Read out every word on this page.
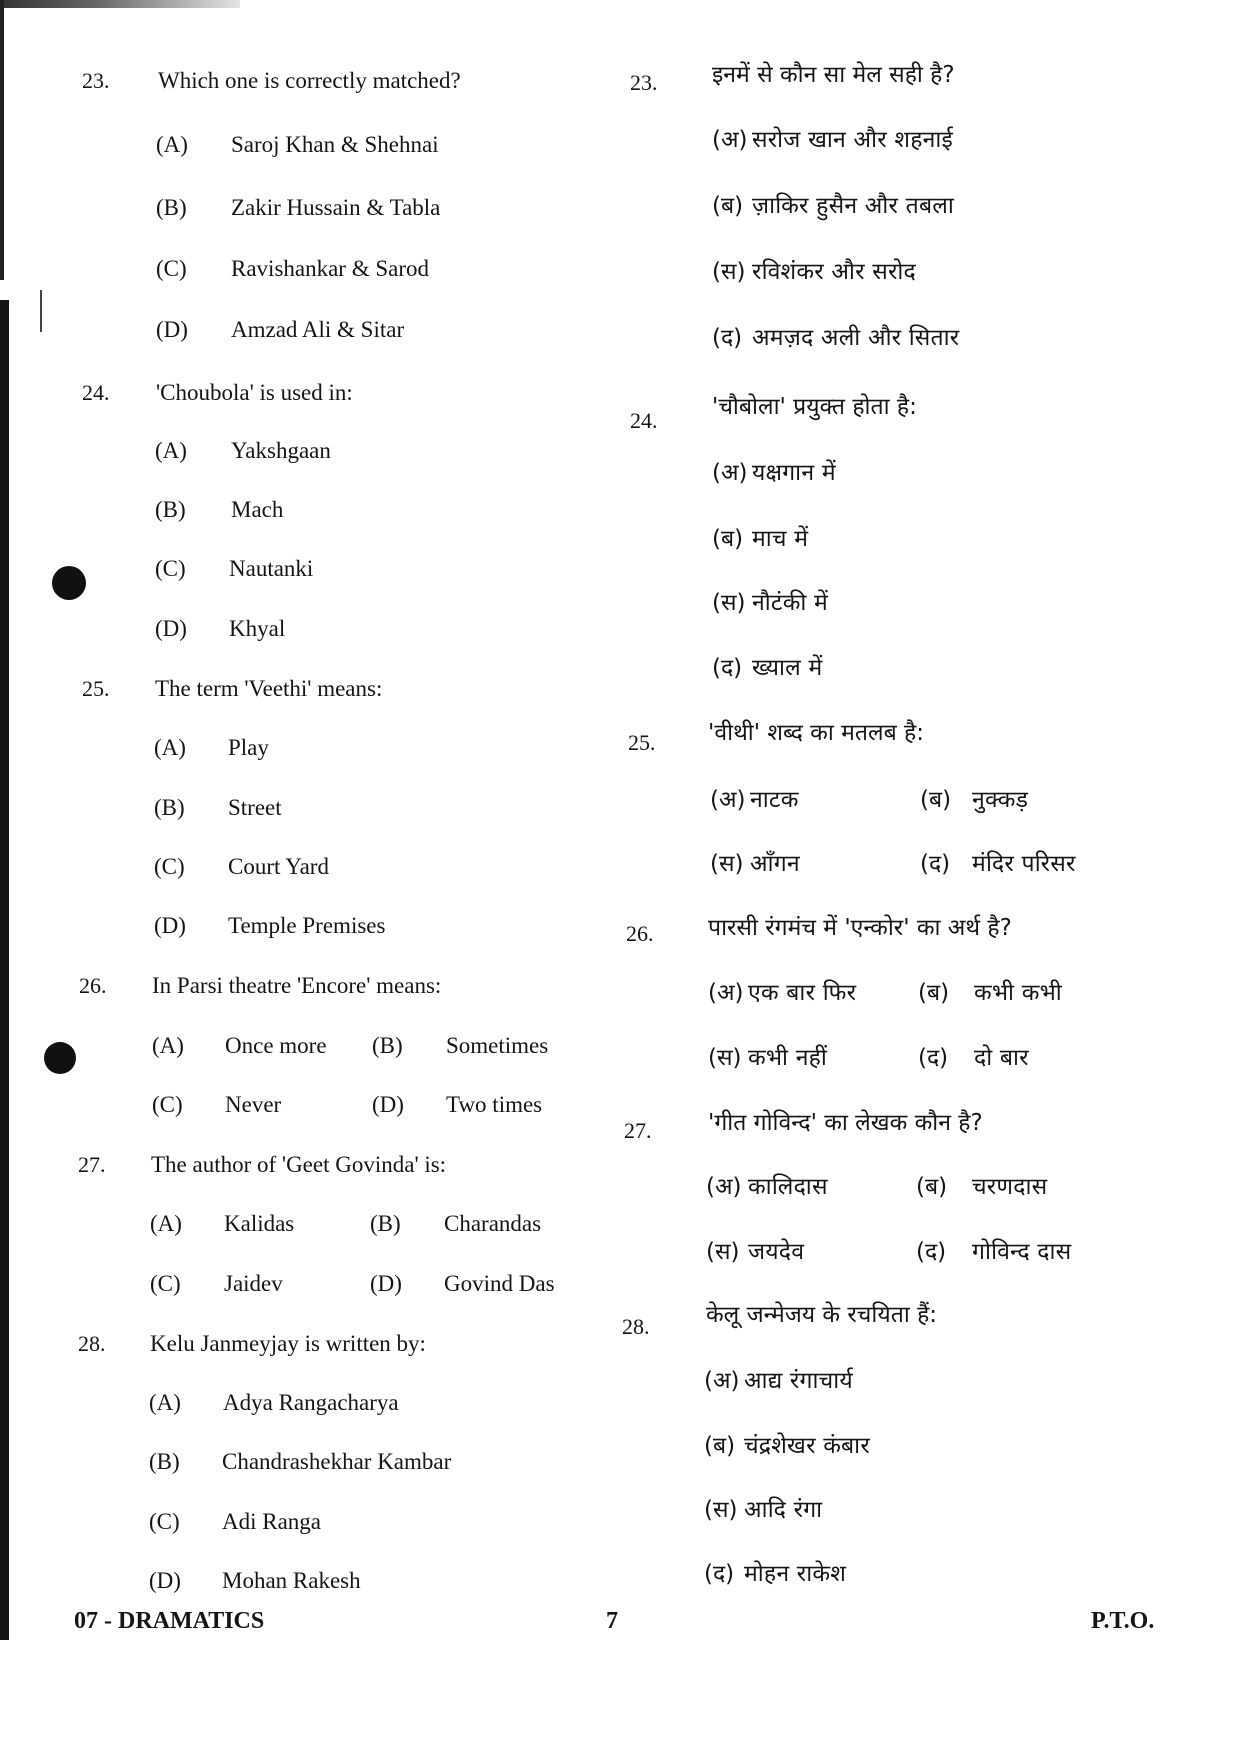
23. Which one is correctly matched?
(A) Saroj Khan & Shehnai
(B) Zakir Hussain & Tabla
(C) Ravishankar & Sarod
(D) Amzad Ali & Sitar
24. 'Choubola' is used in:
(A) Yakshgaan
(B) Mach
(C) Nautanki
(D) Khyal
25. The term 'Veethi' means:
(A) Play
(B) Street
(C) Court Yard
(D) Temple Premises
26. In Parsi theatre 'Encore' means:
(A) Once more (B) Sometimes
(C) Never	(D) Two times
27. The author of 'Geet Govinda' is:
(A) Kalidas	(B) Charandas
(C) Jaidev	(D) Govind Das
28. Kelu Janmeyjay is written by:
(A) Adya Rangacharya
(B) Chandrashekhar Kambar
(C) Adi Ranga
(D) Mohan Rakesh
23. इनमें से कौन सा मेल सही है?
(अ) सरोज खान और शहनाई
(ब) ज़ाकिर हुसैन और तबला
(स) रविशंकर और सरोद
(द) अमज़द अली और सितार
24.
'चौबोला' प्रयुक्त होता है:
(अ) यक्षगान में
(ब) माच में
(स) नौटंकी में
(द) ख्याल में
25. 'वीथी' शब्द का मतलब है:
(अ) नाटक	(ब) नुक्कड़
(स) आँगन	(द) मंदिर परिसर
26. पारसी रंगमंच में 'एन्कोर' का अर्थ है?
(अ) एक बार फिर	(ब) कभी कभी
(स) कभी नहीं	(द) दो बार
27. 'गीत गोविन्द' का लेखक कौन है?
(अ) कालिदास	(ब) चरणदास
(स) जयदेव	(द) गोविन्द दास
28. केलू जन्मेजय के रचयिता हैं:
(अ) आद्य रंगाचार्य
(ब) चंद्रशेखर कंबार
(स) आदि रंगा
(द) मोहन राकेश
07 - DRAMATICS	7	P.T.O.
